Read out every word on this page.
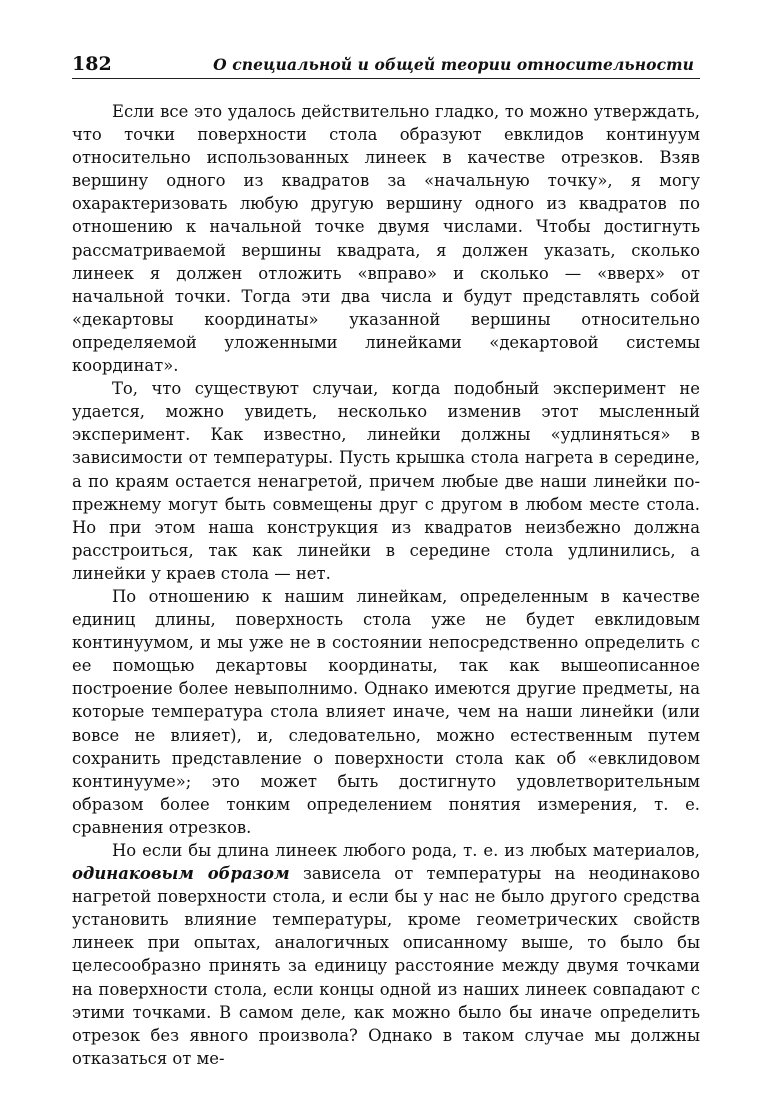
182	О специальной и общей теории относительности

Если все это удалось действительно гладко, то можно утверждать, что точки поверхности стола образуют евклидов континуум относительно использованных линеек в качестве отрезков. Взяв вершину одного из квадратов за «начальную точку», я могу охарактеризовать любую другую вершину одного из квадратов по отношению к начальной точке двумя числами. Чтобы достигнуть рассматриваемой вершины квадрата, я должен указать, сколько линеек я должен отложить «вправо» и сколько — «вверх» от начальной точки. Тогда эти два числа и будут представлять собой «декартовы координаты» указанной вершины относительно определяемой уложенными линейками «декартовой системы координат».

То, что существуют случаи, когда подобный эксперимент не удается, можно увидеть, несколько изменив этот мысленный эксперимент. Как известно, линейки должны «удлиняться» в зависимости от температуры. Пусть крышка стола нагрета в середине, а по краям остается ненагретой, причем любые две наши линейки по-прежнему могут быть совмещены друг с другом в любом месте стола. Но при этом наша конструкция из квадратов неизбежно должна расстроиться, так как линейки в середине стола удлинились, а линейки у краев стола — нет.

По отношению к нашим линейкам, определенным в качестве единиц длины, поверхность стола уже не будет евклидовым континуумом, и мы уже не в состоянии непосредственно определить с ее помощью декартовы координаты, так как вышеописанное построение более невыполнимо. Однако имеются другие предметы, на которые температура стола влияет иначе, чем на наши линейки (или вовсе не влияет), и, следовательно, можно естественным путем сохранить представление о поверхности стола как об «евклидовом континууме»; это может быть достигнуто удовлетворительным образом более тонким определением понятия измерения, т. е. сравнения отрезков.

Но если бы длина линеек любого рода, т. е. из любых материалов, одинаковым образом зависела от температуры на неодинаково нагретой поверхности стола, и если бы у нас не было другого средства установить влияние температуры, кроме геометрических свойств линеек при опытах, аналогичных описанному выше, то было бы целесообразно принять за единицу расстояние между двумя точками на поверхности стола, если концы одной из наших линеек совпадают с этими точками. В самом деле, как можно было бы иначе определить отрезок без явного произвола? Однако в таком случае мы должны отказаться от ме-
